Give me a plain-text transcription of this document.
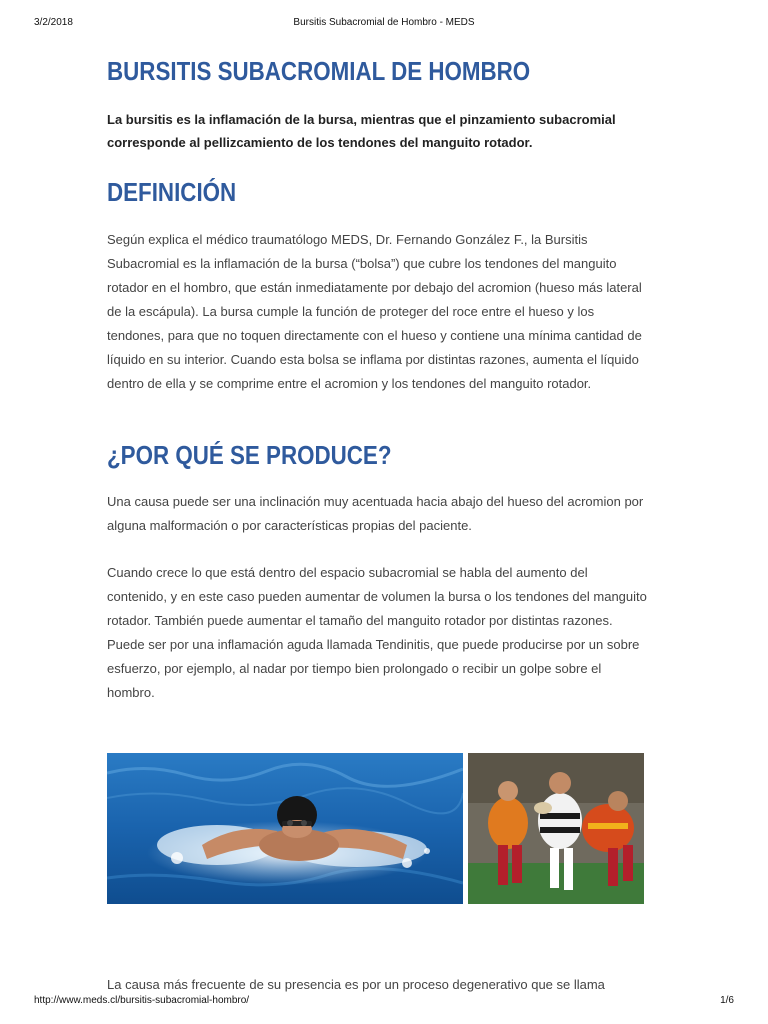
3/2/2018	Bursitis Subacromial de Hombro - MEDS
BURSITIS SUBACROMIAL DE HOMBRO

La bursitis es la inflamación de la bursa, mientras que el pinzamiento subacromial corresponde al pellizcamiento de los tendones del manguito rotador.

DEFINICIÓN

Según explica el médico traumatólogo MEDS, Dr. Fernando González F., la Bursitis Subacromial es la inflamación de la bursa (“bolsa”) que cubre los tendones del manguito rotador en el hombro, que están inmediatamente por debajo del acromion (hueso más lateral de la escápula). La bursa cumple la función de proteger del roce entre el hueso y los tendones, para que no toquen directamente con el hueso y contiene una mínima cantidad de líquido en su interior. Cuando esta bolsa se inflama por distintas razones, aumenta el líquido dentro de ella y se comprime entre el acromion y los tendones del manguito rotador.

¿POR QUÉ SE PRODUCE?

Una causa puede ser una inclinación muy acentuada hacia abajo del hueso del acromion por alguna malformación o por características propias del paciente.

Cuando crece lo que está dentro del espacio subacromial se habla del aumento del contenido, y en este caso pueden aumentar de volumen la bursa o los tendones del manguito rotador. También puede aumentar el tamaño del manguito rotador por distintas razones. Puede ser por una inflamación aguda llamada Tendinitis, que puede producirse por un sobre esfuerzo, por ejemplo, al nadar por tiempo bien prolongado o recibir un golpe sobre el hombro.

La causa más frecuente de su presencia es por un proceso degenerativo que se llama

http://www.meds.cl/bursitis-subacromial-hombro/	1/6
